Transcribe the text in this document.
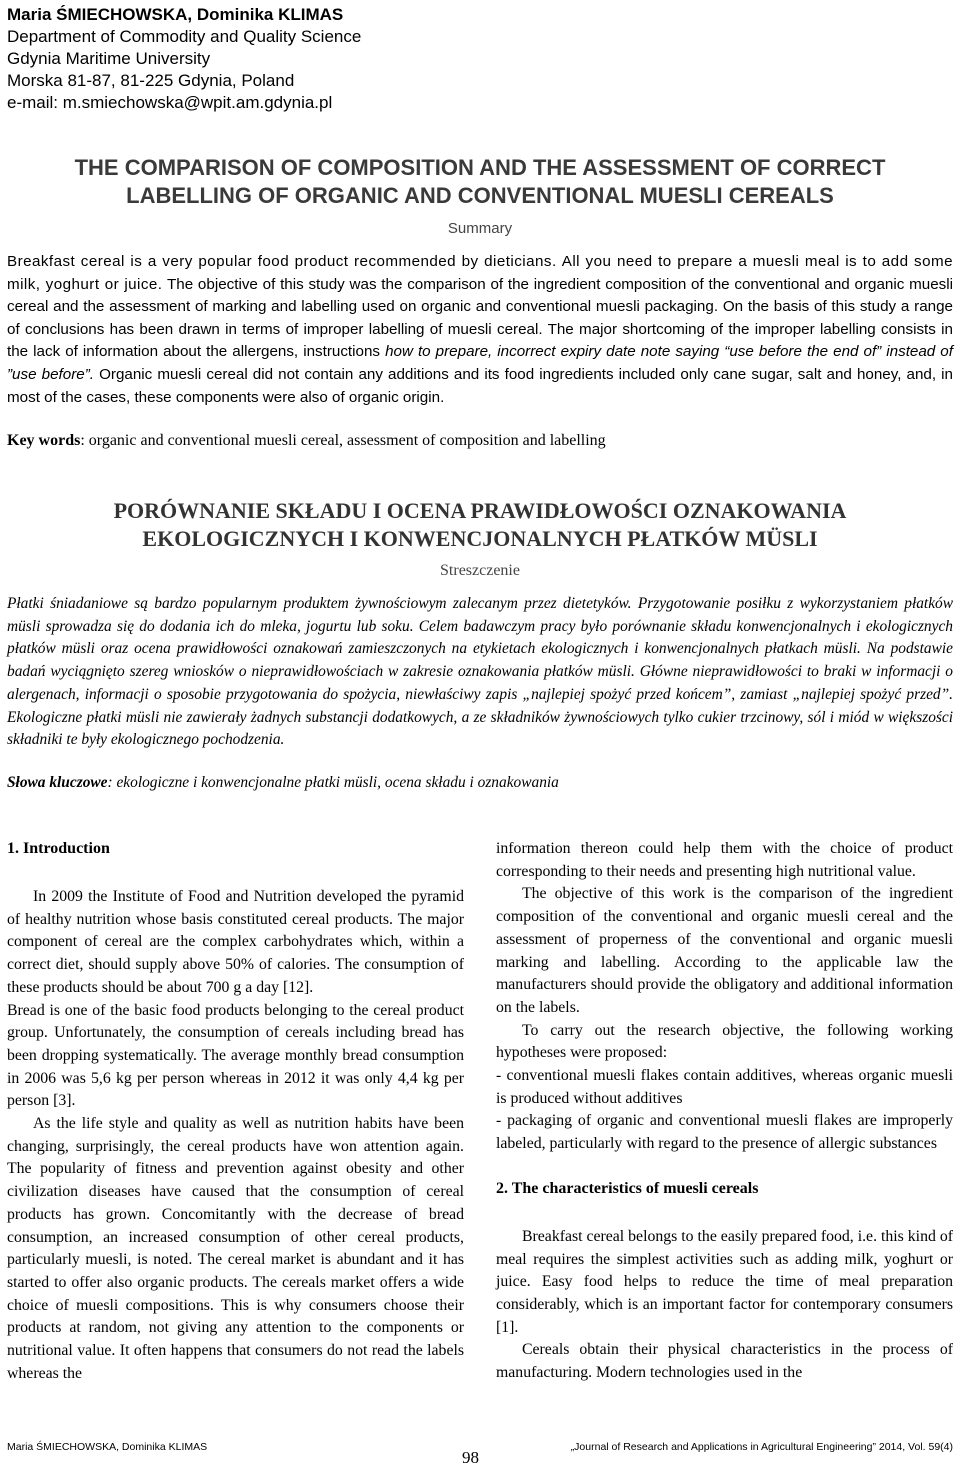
Maria ŚMIECHOWSKA, Dominika KLIMAS
Department of Commodity and Quality Science
Gdynia Maritime University
Morska 81-87, 81-225 Gdynia, Poland
e-mail: m.smiechowska@wpit.am.gdynia.pl
THE COMPARISON OF COMPOSITION AND THE ASSESSMENT OF CORRECT
LABELLING OF ORGANIC AND CONVENTIONAL MUESLI CEREALS
Summary

Breakfast cereal is a very popular food product recommended by dieticians. All you need to prepare a muesli meal is to add some milk, yoghurt or juice. The objective of this study was the comparison of the ingredient composition of the conventional and organic muesli cereal and the assessment of marking and labelling used on organic and conventional muesli packaging. On the basis of this study a range of conclusions has been drawn in terms of improper labelling of muesli cereal. The major shortcoming of the improper labelling consists in the lack of information about the allergens, instructions how to prepare, incorrect expiry date note saying “use before the end of” instead of ”use before”. Organic muesli cereal did not contain any additions and its food ingredients included only cane sugar, salt and honey, and, in most of the cases, these components were also of organic origin.

Key words: organic and conventional muesli cereal, assessment of composition and labelling
PORÓWNANIE SKŁADU I OCENA PRAWIDŁOWOŚCI OZNAKOWANIA
EKOLOGICZNYCH I KONWENCJONALNYCH PŁATKÓW MÜSLI
Streszczenie

Płatki śniadaniowe są bardzo popularnym produktem żywnościowym zalecanym przez dietetyków. Przygotowanie posiłku z wykorzystaniem płatków müsli sprowadza się do dodania ich do mleka, jogurtu lub soku. Celem badawczym pracy było porównanie składu konwencjonalnych i ekologicznych płatków müsli oraz ocena prawidłowości oznakowań zamieszczonych na etykietach ekologicznych i konwencjonalnych płatkach müsli. Na podstawie badań wyciągnięto szereg wniosków o nieprawidłowościach w zakresie oznakowania płatków müsli. Główne nieprawidłowości to braki w informacji o alergenach, informacji o sposobie przygotowania do spożycia, niewłaściwy zapis „najlepiej spożyć przed końcem”, zamiast „najlepiej spożyć przed”. Ekologiczne płatki müsli nie zawierały żadnych substancji dodatkowych, a ze składników żywnościowych tylko cukier trzcinowy, sól i miód w większości składniki te były ekologicznego pochodzenia.

Słowa kluczowe: ekologiczne i konwencjonalne płatki müsli, ocena składu i oznakowania
1. Introduction

In 2009 the Institute of Food and Nutrition developed the pyramid of healthy nutrition whose basis constituted cereal products. The major component of cereal are the complex carbohydrates which, within a correct diet, should supply above 50% of calories. The consumption of these products should be about 700 g a day [12].

Bread is one of the basic food products belonging to the cereal product group. Unfortunately, the consumption of cereals including bread has been dropping systematically. The average monthly bread consumption in 2006 was 5,6 kg per person whereas in 2012 it was only 4,4 kg per person [3].

As the life style and quality as well as nutrition habits have been changing, surprisingly, the cereal products have won attention again. The popularity of fitness and prevention against obesity and other civilization diseases have caused that the consumption of cereal products has grown. Concomitantly with the decrease of bread consumption, an increased consumption of other cereal products, particularly muesli, is noted. The cereal market is abundant and it has started to offer also organic products. The cereals market offers a wide choice of muesli compositions. This is why consumers choose their products at random, not giving any attention to the components or nutritional value. It often happens that consumers do not read the labels whereas the

information thereon could help them with the choice of product corresponding to their needs and presenting high nutritional value.

The objective of this work is the comparison of the ingredient composition of the conventional and organic muesli cereal and the assessment of properness of the conventional and organic muesli marking and labelling. According to the applicable law the manufacturers should provide the obligatory and additional information on the labels.

To carry out the research objective, the following working hypotheses were proposed:

- conventional muesli flakes contain additives, whereas organic muesli is produced without additives

- packaging of organic and conventional muesli flakes are improperly labeled, particularly with regard to the presence of allergic substances

2. The characteristics of muesli cereals

Breakfast cereal belongs to the easily prepared food, i.e. this kind of meal requires the simplest activities such as adding milk, yoghurt or juice. Easy food helps to reduce the time of meal preparation considerably, which is an important factor for contemporary consumers [1].

Cereals obtain their physical characteristics in the process of manufacturing. Modern technologies used in the

Maria ŚMIECHOWSKA, Dominika KLIMAS	„Journal of Research and Applications in Agricultural Engineering” 2014, Vol. 59(4)
98
